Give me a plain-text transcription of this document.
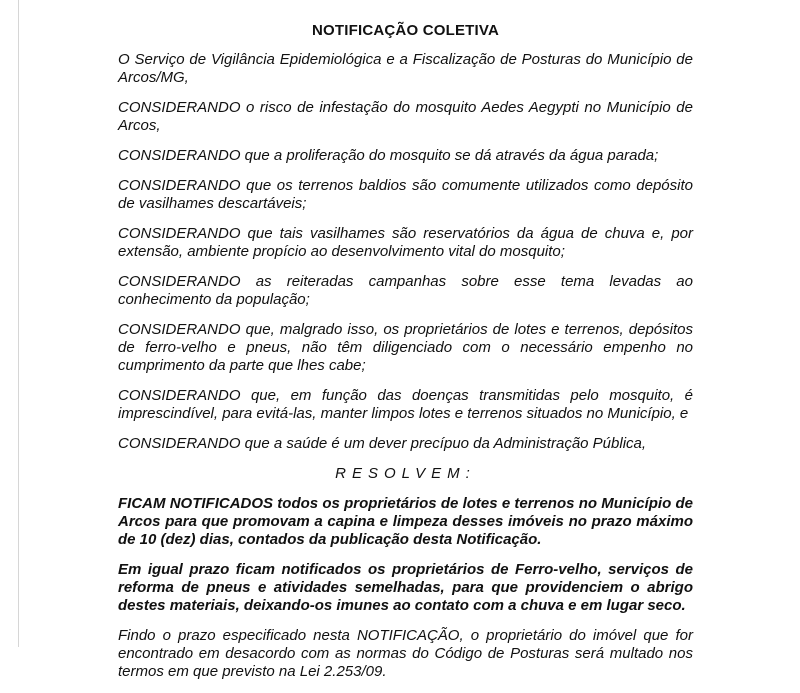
NOTIFICAÇÃO COLETIVA

O Serviço de Vigilância Epidemiológica e a Fiscalização de Posturas do Município de Arcos/MG,

CONSIDERANDO o risco de infestação do mosquito Aedes Aegypti no Município de Arcos,

CONSIDERANDO que a proliferação do mosquito se dá através da água parada;

CONSIDERANDO que os terrenos baldios são comumente utilizados como depósito de vasilhames descartáveis;

CONSIDERANDO que tais vasilhames são reservatórios da água de chuva e, por extensão, ambiente propício ao desenvolvimento vital do mosquito;

CONSIDERANDO as reiteradas campanhas sobre esse tema levadas ao conhecimento da população;

CONSIDERANDO que, malgrado isso, os proprietários de lotes e terrenos, depósitos de ferro-velho e pneus, não têm diligenciado com o necessário empenho no cumprimento da parte que lhes cabe;

CONSIDERANDO que, em função das doenças transmitidas pelo mosquito, é imprescindível, para evitá-las, manter limpos lotes e terrenos situados no Município, e

CONSIDERANDO que a saúde é um dever precípuo da Administração Pública,

RESOLVEM:

FICAM NOTIFICADOS todos os proprietários de lotes e terrenos no Município de Arcos para que promovam a capina e limpeza desses imóveis no prazo máximo de 10 (dez) dias, contados da publicação desta Notificação.

Em igual prazo ficam notificados os proprietários de Ferro-velho, serviços de reforma de pneus e atividades semelhadas, para que providenciem o abrigo destes materiais, deixando-os imunes ao contato com a chuva e em lugar seco.

Findo o prazo especificado nesta NOTIFICAÇÃO, o proprietário do imóvel que for encontrado em desacordo com as normas do Código de Posturas será multado nos termos em que previsto na Lei 2.253/09.
